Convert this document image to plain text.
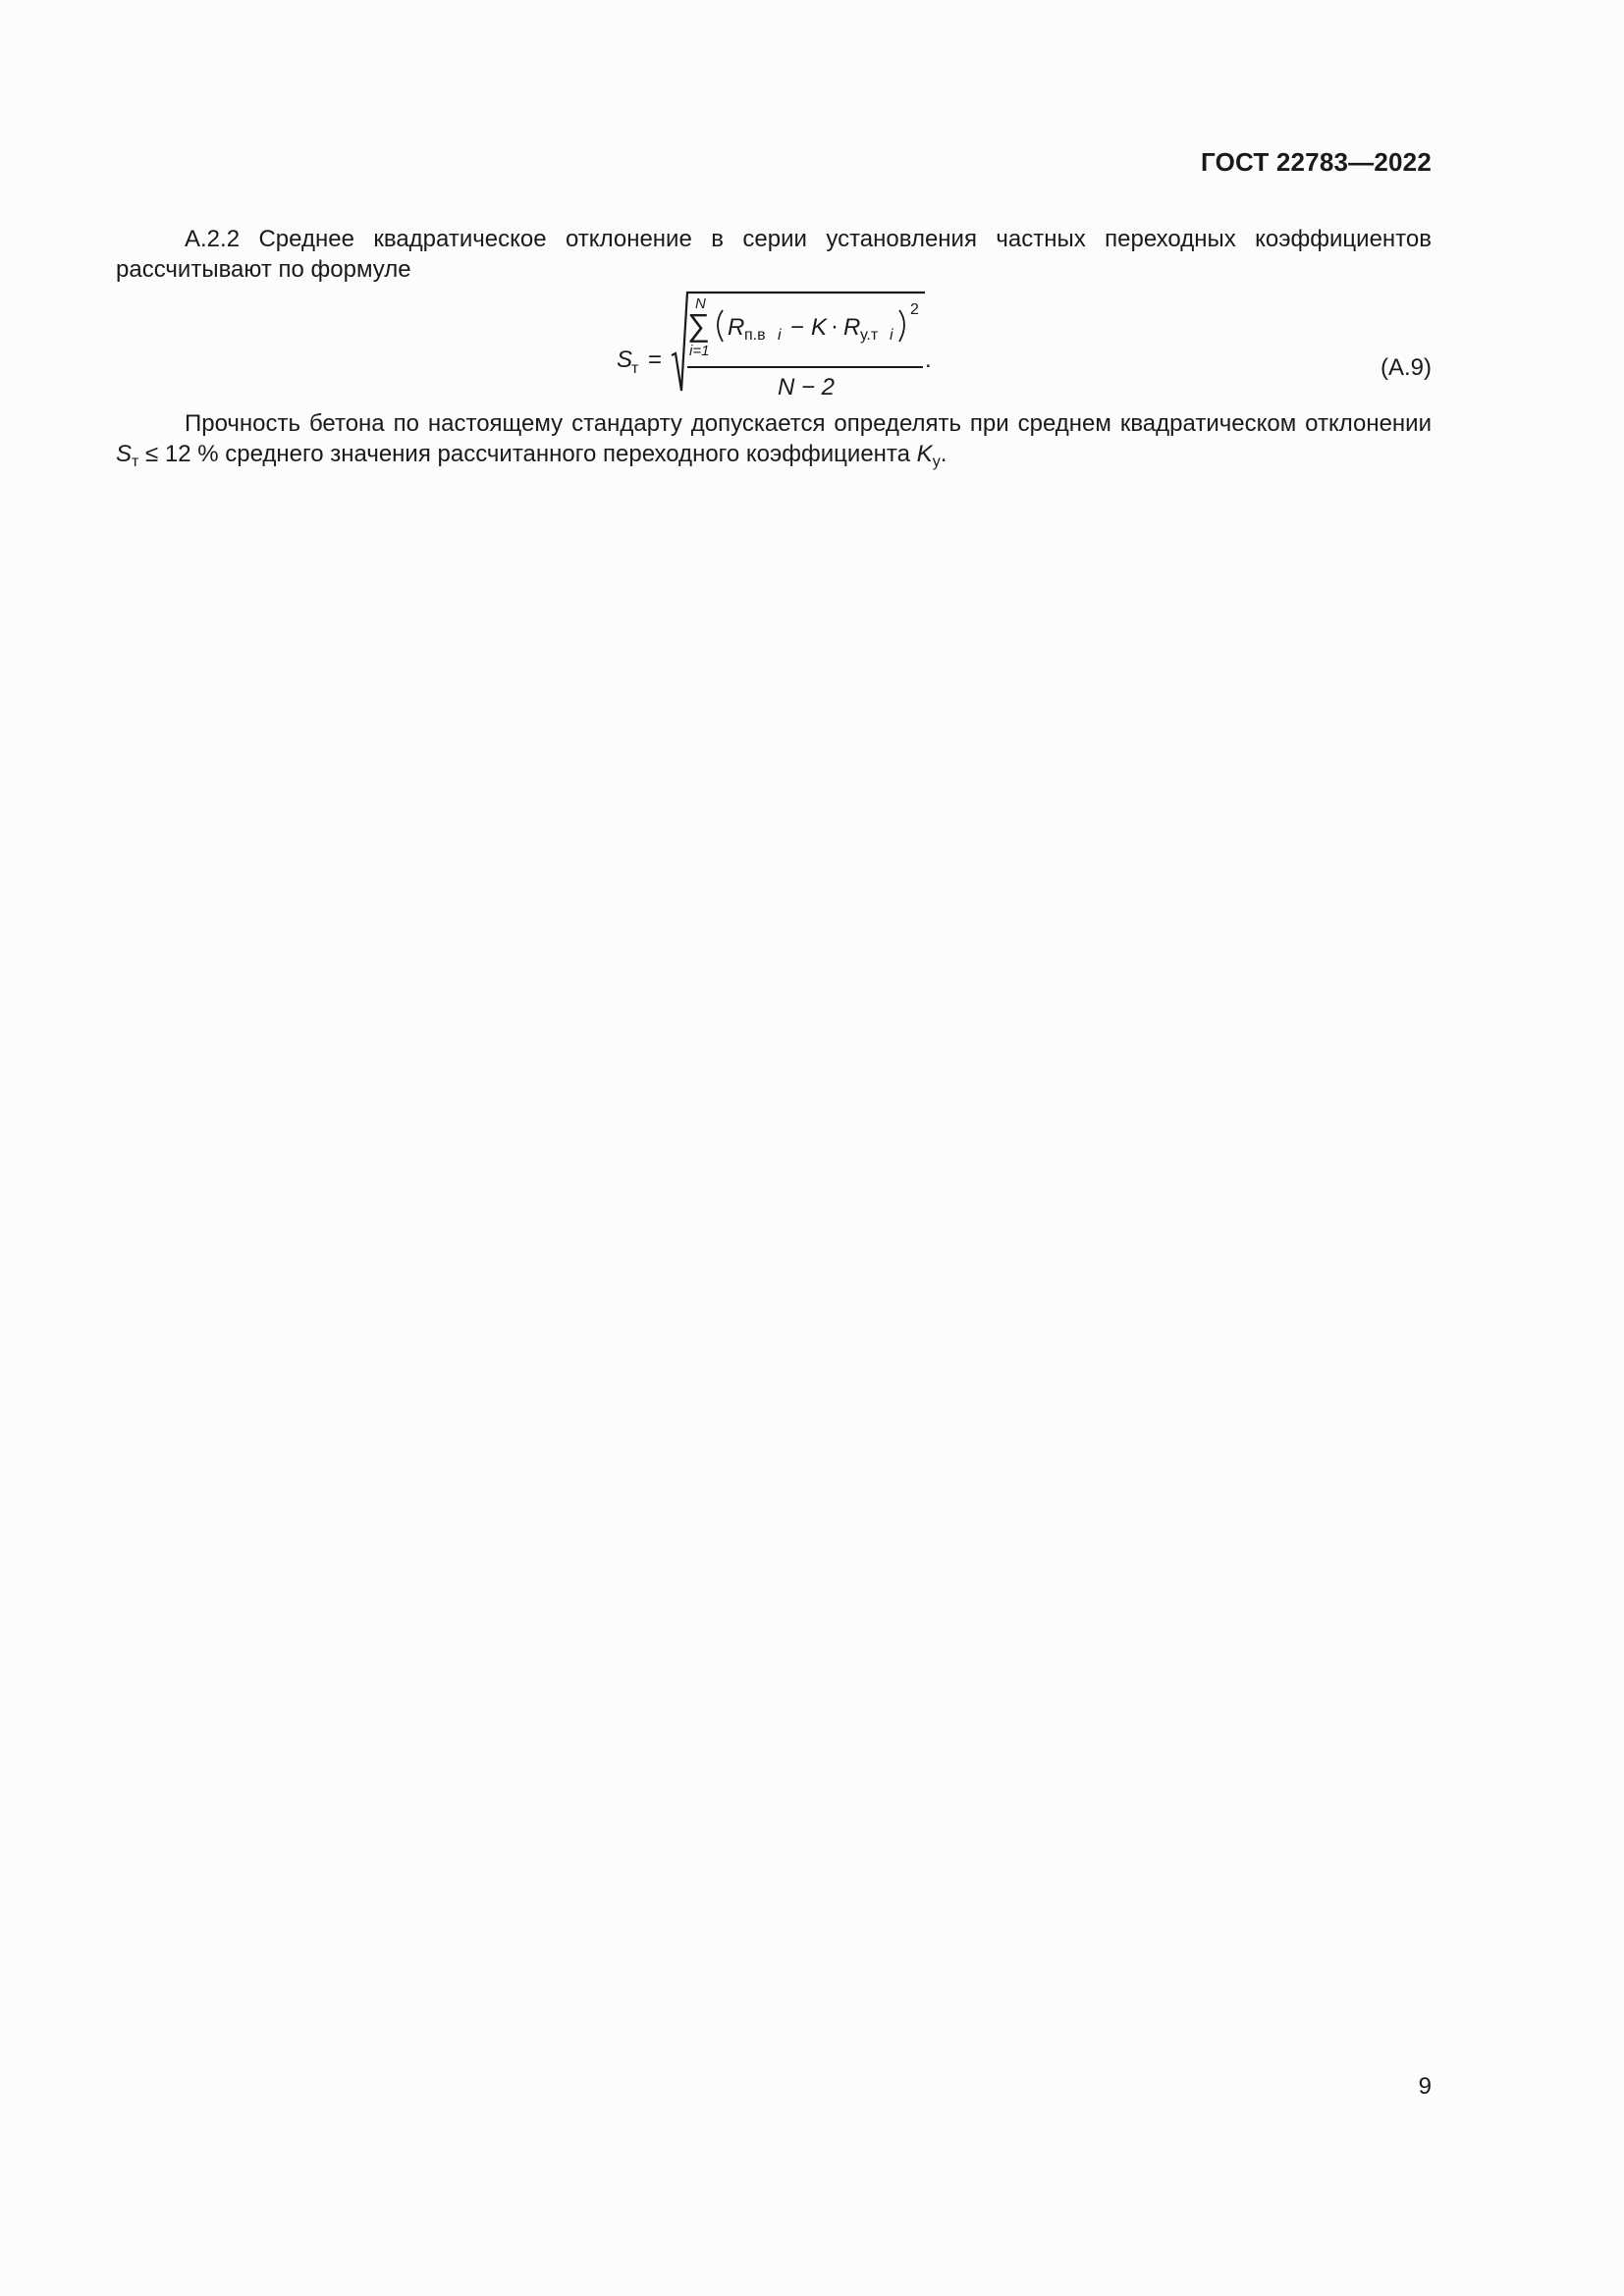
ГОСТ 22783—2022

А.2.2 Среднее квадратическое отклонение в серии установления частных переходных коэффициентов рассчитывают по формуле

S
т =
N
∑
i=1
R п.в i − K · R у.т i
2
N − 2
.	(А.9)

Прочность бетона по настоящему стандарту допускается определять при среднем квадратическом отклонении $S_т \le 12$ % среднего значения рассчитанного переходного коэффициента $K_у$.

9
